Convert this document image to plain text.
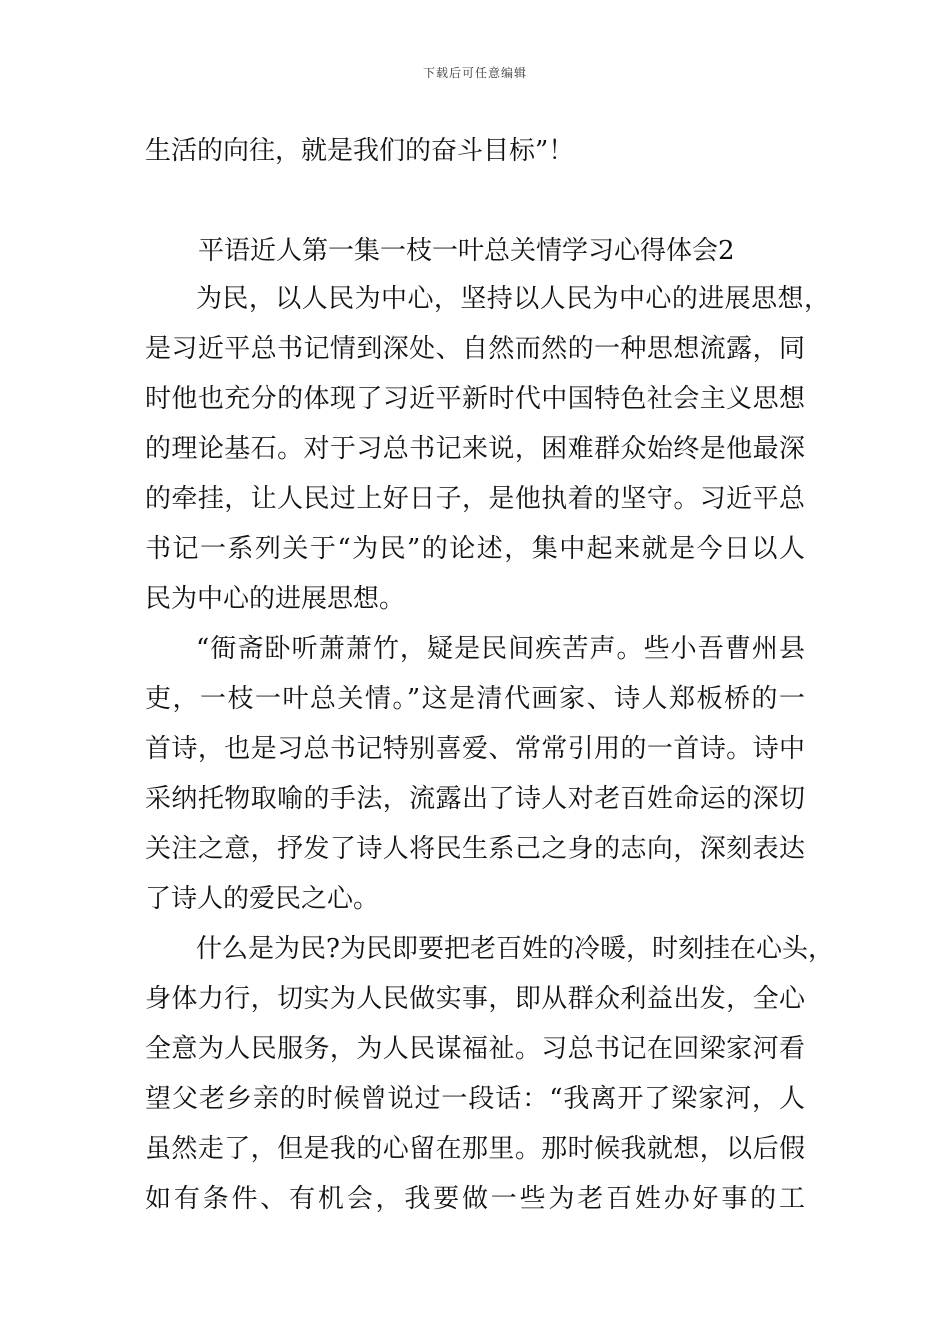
下载后可任意编辑
生活的向往，就是我们的奋斗目标”！
平语近人第一集一枝一叶总关情学习心得体会2
为民，以人民为中心，坚持以人民为中心的进展思想，
是习近平总书记情到深处、自然而然的一种思想流露，同
时他也充分的体现了习近平新时代中国特色社会主义思想
的理论基石。对于习总书记来说，困难群众始终是他最深
的牵挂，让人民过上好日子，是他执着的坚守。习近平总
书记一系列关于“为民”的论述，集中起来就是今日以人
民为中心的进展思想。
“衙斋卧听萧萧竹，疑是民间疾苦声。些小吾曹州县
吏，一枝一叶总关情。”这是清代画家、诗人郑板桥的一
首诗，也是习总书记特别喜爱、常常引用的一首诗。诗中
采纳托物取喻的手法，流露出了诗人对老百姓命运的深切
关注之意，抒发了诗人将民生系己之身的志向，深刻表达
了诗人的爱民之心。
什么是为民?为民即要把老百姓的冷暖，时刻挂在心头，
身体力行，切实为人民做实事，即从群众利益出发，全心
全意为人民服务，为人民谋福祉。习总书记在回梁家河看
望父老乡亲的时候曾说过一段话：“我离开了梁家河，人
虽然走了，但是我的心留在那里。那时候我就想，以后假
如有条件、有机会，我要做一些为老百姓办好事的工
